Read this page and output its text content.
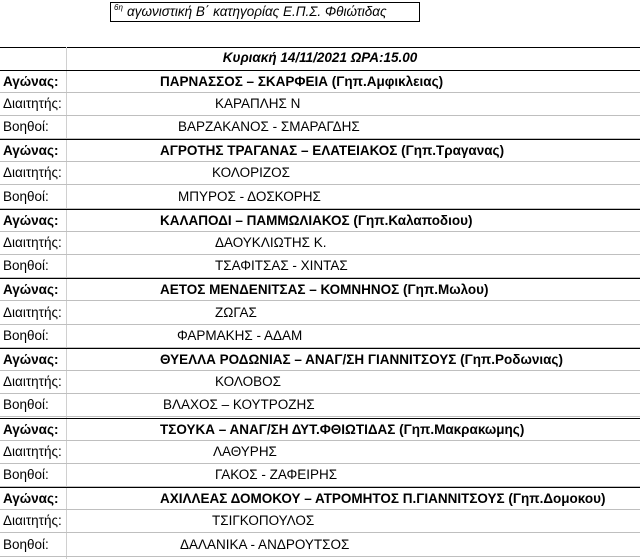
6η αγωνιστική Β΄ κατηγορίας Ε.Π.Σ. Φθιώτιδας
Κυριακή 14/11/2021 ΩΡΑ:15.00
Αγώνας:	ΠΑΡΝΑΣΣΟΣ – ΣΚΑΡΦΕΙΑ (Γηπ.Αμφικλειας)
Διαιτητής:	ΚΑΡΑΠΛΗΣ Ν
Βοηθοί:	ΒΑΡΖΑΚΑΝΟΣ - ΣΜΑΡΑΓΔΗΣ
Αγώνας:	ΑΓΡΟΤΗΣ ΤΡΑΓΑΝΑΣ – ΕΛΑΤΕΙΑΚΟΣ (Γηπ.Τραγανας)
Διαιτητής:	ΚΟΛΟΡΙΖΟΣ
Βοηθοί:	ΜΠΥΡΟΣ - ΔΟΣΚΟΡΗΣ
Αγώνας:	ΚΑΛΑΠΟΔΙ – ΠΑΜΜΩΛΙΑΚΟΣ (Γηπ.Καλαποδιου)
Διαιτητής:	ΔΑΟΥΚΛΙΩΤΗΣ Κ.
Βοηθοί:	ΤΣΑΦΙΤΣΑΣ - ΧΙΝΤΑΣ
Αγώνας:	ΑΕΤΟΣ ΜΕΝΔΕΝΙΤΣΑΣ – ΚΟΜΝΗΝΟΣ (Γηπ.Μωλου)
Διαιτητής:	ΖΩΓΑΣ
Βοηθοί:	ΦΑΡΜΑΚΗΣ - ΑΔΑΜ
Αγώνας:	ΘΥΕΛΛΑ ΡΟΔΩΝΙΑΣ – ΑΝΑΓ/ΣΗ ΓΙΑΝΝΙΤΣΟΥΣ (Γηπ.Ροδωνιας)
Διαιτητής:	ΚΟΛΟΒΟΣ
Βοηθοί:	ΒΛΑΧΟΣ – ΚΟΥΤΡΟΖΗΣ
Αγώνας:	ΤΣΟΥΚΑ – ΑΝΑΓ/ΣΗ ΔΥΤ.ΦΘΙΩΤΙΔΑΣ (Γηπ.Μακρακωμης)
Διαιτητής:	ΛΑΘΥΡΗΣ
Βοηθοί:	ΓΑΚΟΣ - ΖΑΦΕΙΡΗΣ
Αγώνας:	ΑΧΙΛΛΕΑΣ ΔΟΜΟΚΟΥ – ΑΤΡΟΜΗΤΟΣ Π.ΓΙΑΝΝΙΤΣΟΥΣ (Γηπ.Δομοκου)
Διαιτητής:	ΤΣΙΓΚΟΠΟΥΛΟΣ
Βοηθοί:	ΔΑΛΑΝΙΚΑ - ΑΝΔΡΟΥΤΣΟΣ
